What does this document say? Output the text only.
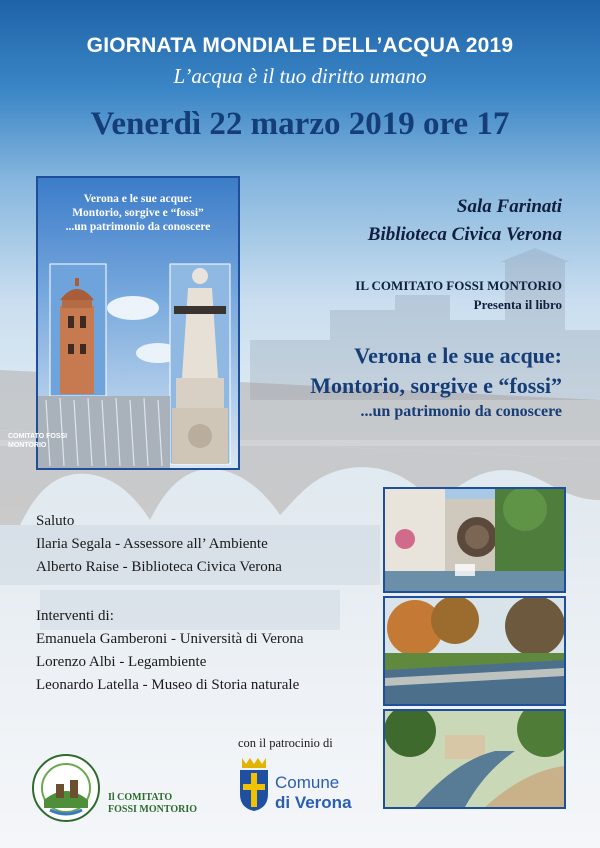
GIORNATA MONDIALE DELL’ACQUA 2019

L’acqua è il tuo diritto umano

Venerdì 22 marzo 2019 ore 17

Verona e le sue acque:

Montorio, sorgive e “fossi”

...un patrimonio da conoscere

COMITATO FOSSI
MONTORIO

Sala Farinati

Biblioteca Civica Verona

IL COMITATO FOSSI MONTORIO

Presenta il libro

Verona e le sue acque:

Montorio, sorgive e “fossi”

...un patrimonio da conoscere

Saluto

Ilaria Segala - Assessore all’ Ambiente

Alberto Raise - Biblioteca Civica Verona

Interventi di:

Emanuela Gamberoni - Università di Verona

Lorenzo Albi - Legambiente

Leonardo Latella - Museo di Storia naturale

Il COMITATO
FOSSI MONTORIO

con il patrocinio di

Comune

di Verona
